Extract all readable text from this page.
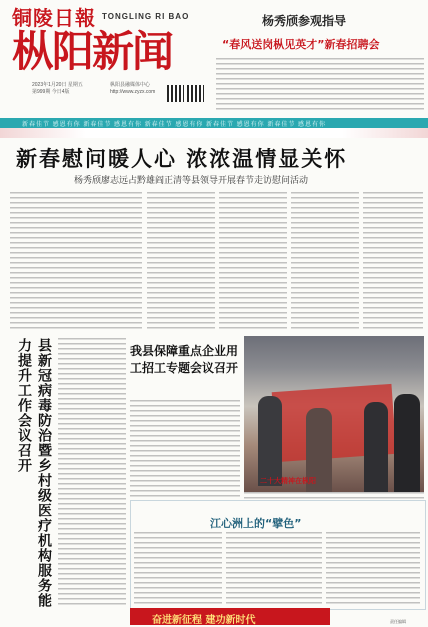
铜陵日報 TONGLING RI BAO
枞阳新闻
杨秀颀参观指导
“春风送岗枞见英才”新春招聘会
2023年1月20日 星期五
第999期 今日4版
枞阳县融媒体中心
http://www.zyzx.com
新春佳节 感恩有你 新春佳节 感恩有你 新春佳节 感恩有你 新春佳节 感恩有你 新春佳节 感恩有你
新春慰问暖人心 浓浓温情显关怀
杨秀颀廖志远占黔雄阎正清等县领导开展春节走访慰问活动
县新冠病毒防治暨乡村级医疗机构服务能力提升工作会议召开	我县保障重点企业用工招工专题会议召开
二十大精神在枞阳
江心洲上的“擘色”
奋进新征程 建功新时代	责任编辑
